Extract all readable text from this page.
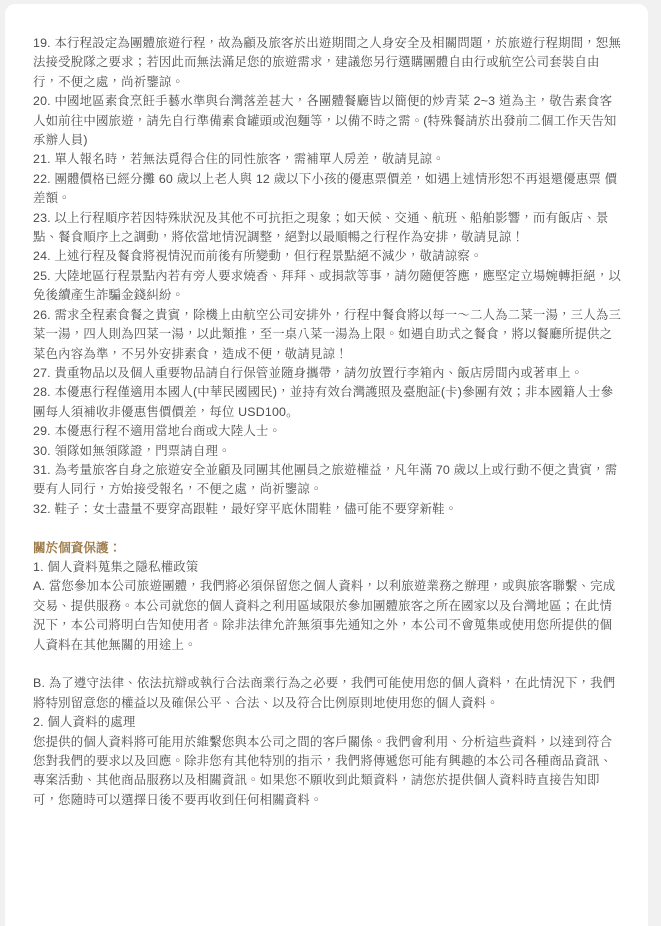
19. 本行程設定為團體旅遊行程，故為顧及旅客於出遊期間之人身安全及相關問題，於旅遊行程期間，恕無法接受脫隊之要求；若因此而無法滿足您的旅遊需求，建議您另行選購團體自由行或航空公司套裝自由行，不便之處，尚祈鑒諒。

20. 中國地區素食烹飪手藝水準與台灣落差甚大，各團體餐廳皆以簡便的炒青菜 2~3 道為主，敬告素食客人如前往中國旅遊，請先自行準備素食罐頭或泡麵等，以備不時之需。(特殊餐請於出發前二個工作天告知承辦人員)

21. 單人報名時，若無法覓得合住的同性旅客，需補單人房差，敬請見諒。

22. 團體價格已經分攤 60 歲以上老人與 12 歲以下小孩的優惠票價差，如遇上述情形恕不再退還優惠票 價差額。

23. 以上行程順序若因特殊狀況及其他不可抗拒之現象；如天候、交通、航班、船舶影響，而有飯店、景點、餐食順序上之調動，將依當地情況調整，絕對以最順暢之行程作為安排，敬請見諒！

24. 上述行程及餐食將視情況而前後有所變動，但行程景點絕不減少，敬請諒察。

25. 大陸地區行程景點內若有旁人要求燒香、拜拜、或捐款等事，請勿隨便答應，應堅定立場婉轉拒絕，以免後續產生詐騙金錢糾紛。

26. 需求全程素食餐之貴賓，除機上由航空公司安排外，行程中餐食將以每一～二人為二菜一湯，三人為三菜一湯，四人則為四菜一湯，以此類推，至一桌八菜一湯為上限。如遇自助式之餐食，將以餐廳所提供之菜色內容為準，不另外安排素食，造成不便，敬請見諒！

27. 貴重物品以及個人重要物品請自行保管並隨身攜帶，請勿放置行李箱內、飯店房間內或著車上。

28. 本優惠行程僅適用本國人(中華民國國民)，並持有效台灣護照及臺胞証(卡)參團有效；非本國籍人士參團每人須補收非優惠售價價差，每位 USD100。

29. 本優惠行程不適用當地台商或大陸人士。

30. 領隊如無領隊證，門票請自理。

31. 為考量旅客自身之旅遊安全並顧及同團其他團員之旅遊權益，凡年滿 70 歲以上或行動不便之貴賓，需要有人同行，方始接受報名，不便之處，尚祈鑒諒。

32. 鞋子：女士盡量不要穿高跟鞋，最好穿平底休閒鞋，儘可能不要穿新鞋。

關於個資保護：

1. 個人資料蒐集之隱私權政策

A. 當您參加本公司旅遊團體，我們將必須保留您之個人資料，以利旅遊業務之辦理，或與旅客聯繫、完成交易、提供服務。本公司就您的個人資料之利用區域限於參加團體旅客之所在國家以及台灣地區；在此情況下，本公司將明白告知使用者。除非法律允許無須事先通知之外，本公司不會蒐集或使用您所提供的個人資料在其他無關的用途上。

B. 為了遵守法律、依法抗辯或執行合法商業行為之必要，我們可能使用您的個人資料，在此情況下，我們將特別留意您的權益以及確保公平、合法、以及符合比例原則地使用您的個人資料。

2. 個人資料的處理

您提供的個人資料將可能用於維繫您與本公司之間的客戶關係。我們會利用、分析這些資料，以達到符合您對我們的要求以及回應。除非您有其他特別的指示，我們將傳遞您可能有興趣的本公司各種商品資訊、專案活動、其他商品服務以及相關資訊。如果您不願收到此類資料，請您於提供個人資料時直接告知即可，您隨時可以選擇日後不要再收到任何相關資料。
